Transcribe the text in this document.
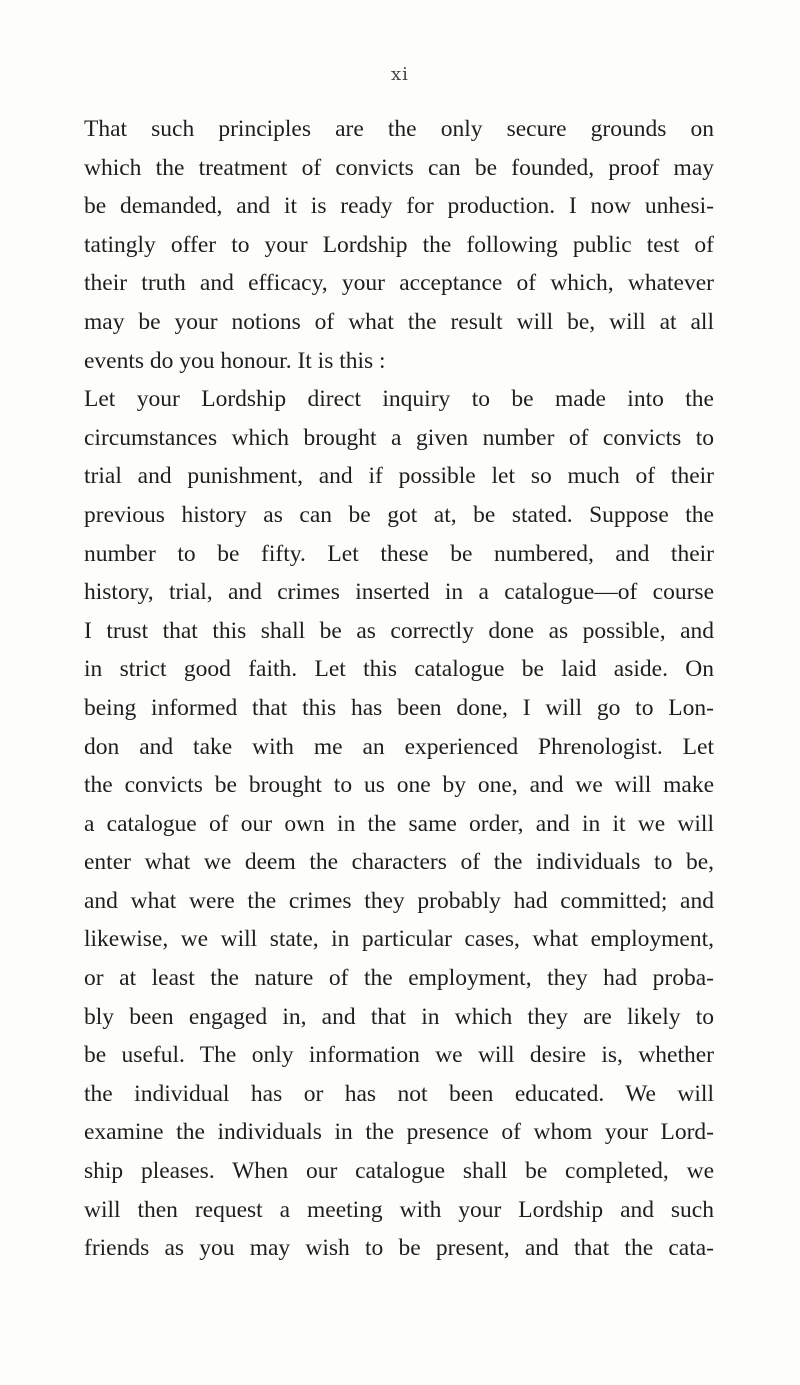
xi
That such principles are the only secure grounds on
which the treatment of convicts can be founded, proof may
be demanded, and it is ready for production. I now unhesi-
tatingly offer to your Lordship the following public test of
their truth and efficacy, your acceptance of which, whatever
may be your notions of what the result will be, will at all
events do you honour. It is this :
Let your Lordship direct inquiry to be made into the
circumstances which brought a given number of convicts to
trial and punishment, and if possible let so much of their
previous history as can be got at, be stated. Suppose the
number to be fifty. Let these be numbered, and their
history, trial, and crimes inserted in a catalogue—of course
I trust that this shall be as correctly done as possible, and
in strict good faith. Let this catalogue be laid aside. On
being informed that this has been done, I will go to Lon-
don and take with me an experienced Phrenologist. Let
the convicts be brought to us one by one, and we will make
a catalogue of our own in the same order, and in it we will
enter what we deem the characters of the individuals to be,
and what were the crimes they probably had committed; and
likewise, we will state, in particular cases, what employment,
or at least the nature of the employment, they had proba-
bly been engaged in, and that in which they are likely to
be useful. The only information we will desire is, whether
the individual has or has not been educated. We will
examine the individuals in the presence of whom your Lord-
ship pleases. When our catalogue shall be completed, we
will then request a meeting with your Lordship and such
friends as you may wish to be present, and that the cata-
